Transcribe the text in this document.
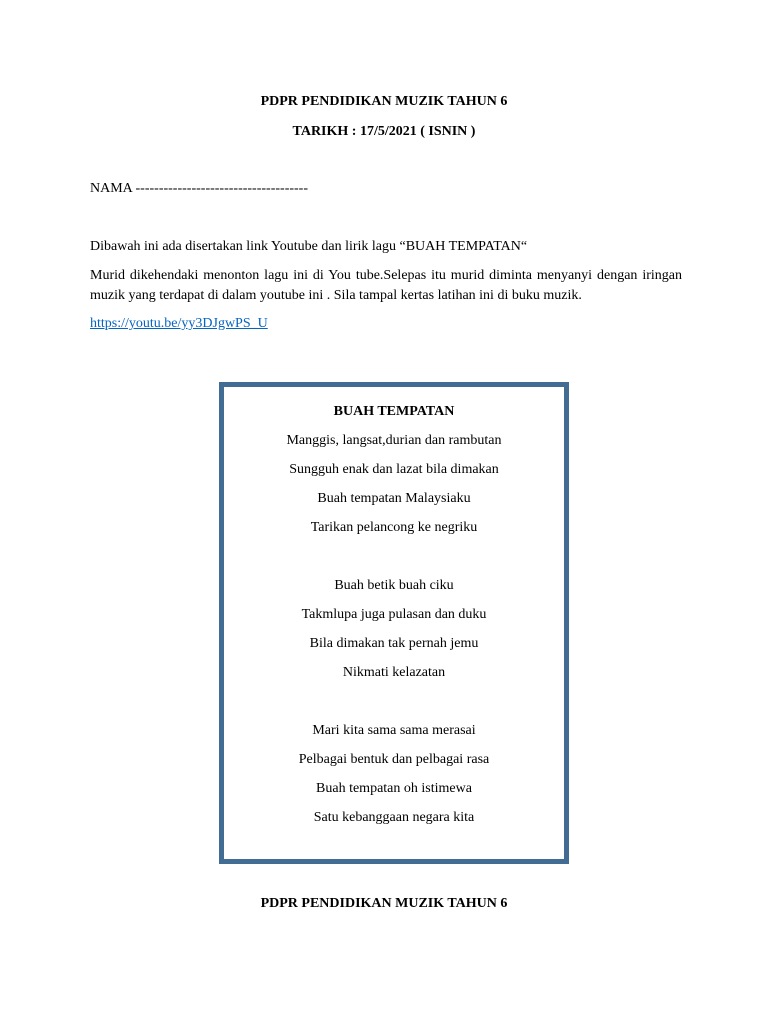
PDPR PENDIDIKAN MUZIK TAHUN 6
TARIKH : 17/5/2021 ( ISNIN )
NAMA -------------------------------------
Dibawah ini ada disertakan link Youtube dan lirik lagu “BUAH TEMPATAN“
Murid dikehendaki menonton lagu ini di You tube.Selepas itu murid diminta menyanyi dengan iringan muzik yang terdapat di dalam youtube ini . Sila tampal kertas latihan ini di buku muzik.
https://youtu.be/yy3DJgwPS_U
BUAH TEMPATAN
Manggis, langsat,durian dan rambutan
Sungguh enak dan lazat bila dimakan
Buah tempatan Malaysiaku
Tarikan pelancong ke negriku
Buah betik buah ciku
Takmlupa juga pulasan dan duku
Bila dimakan tak pernah jemu
Nikmati kelazatan
Mari kita sama sama merasai
Pelbagai bentuk dan pelbagai rasa
Buah tempatan oh istimewa
Satu kebanggaan negara kita
PDPR PENDIDIKAN MUZIK TAHUN 6
